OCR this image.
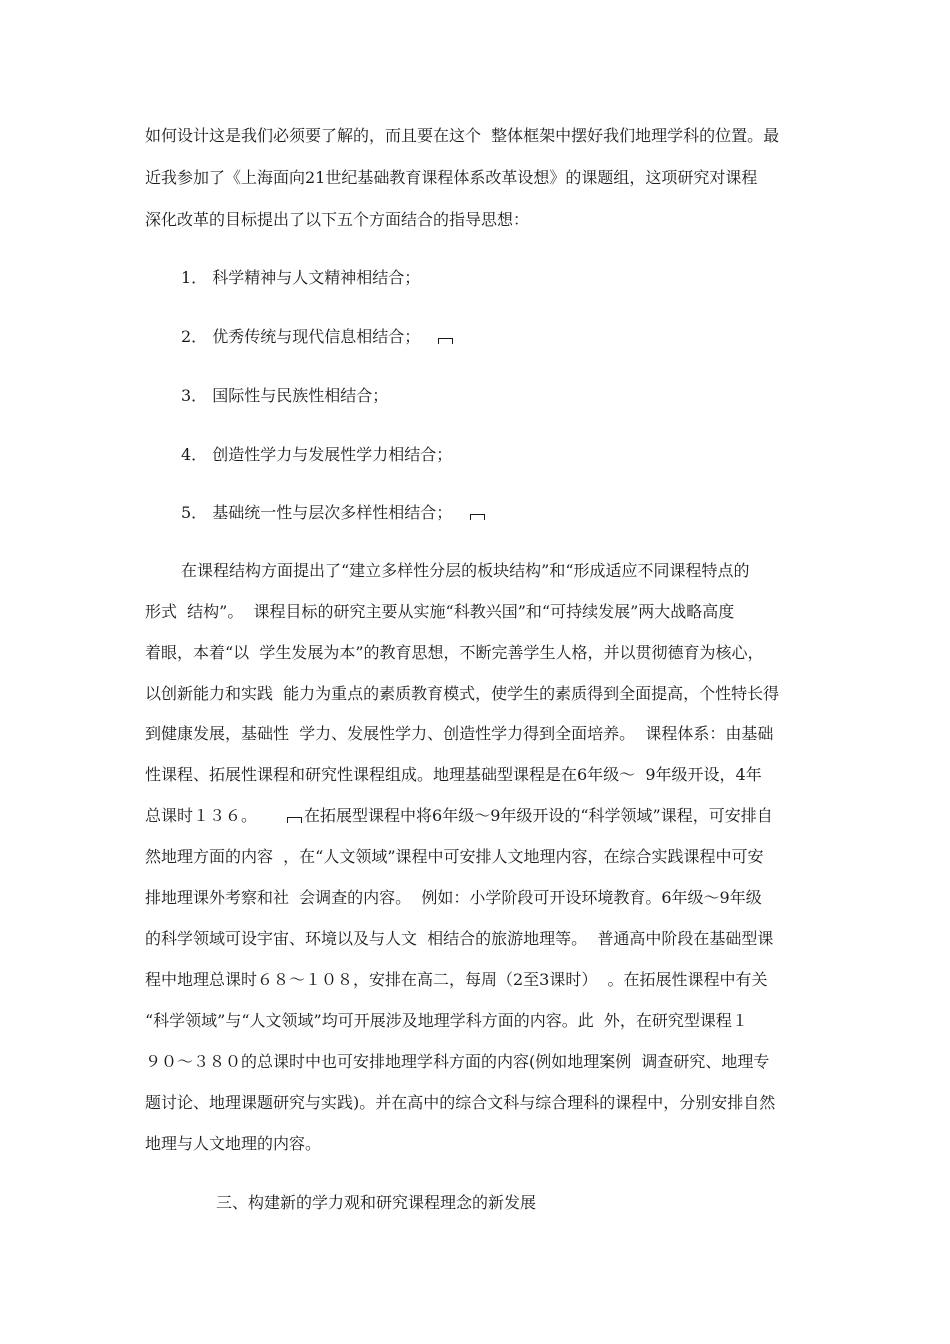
如何设计这是我们必须要了解的，而且要在这个  整体框架中摆好我们地理学科的位置。最
近我参加了《上海面向21世纪基础教育课程体系改革设想》的课题组，这项研究对课程
深化改革的目标提出了以下五个方面结合的指导思想：
1． 科学精神与人文精神相结合；
2． 优秀传统与现代信息相结合；
3． 国际性与民族性相结合；
4． 创造性学力与发展性学力相结合；
5． 基础统一性与层次多样性相结合；
在课程结构方面提出了“建立多样性分层的板块结构”和“形成适应不同课程特点的
形式  结构”。  课程目标的研究主要从实施“科教兴国”和“可持续发展”两大战略高度
着眼，本着“以  学生发展为本”的教育思想，不断完善学生人格，并以贯彻德育为核心，
以创新能力和实践  能力为重点的素质教育模式，使学生的素质得到全面提高，个性特长得
到健康发展，基础性  学力、发展性学力、创造性学力得到全面培养。  课程体系：由基础
性课程、拓展性课程和研究性课程组成。地理基础型课程是在6年级～  9年级开设，4年
总课时１３６。	在拓展型课程中将6年级～9年级开设的“科学领域”课程，可安排自
然地理方面的内容  ，在“人文领域”课程中可安排人文地理内容，在综合实践课程中可安
排地理课外考察和社  会调查的内容。  例如：小学阶段可开设环境教育。6年级～9年级
的科学领域可设宇宙、环境以及与人文  相结合的旅游地理等。  普通高中阶段在基础型课
程中地理总课时６８～１０８，安排在高二，每周（2至3课时）  。在拓展性课程中有关
“科学领域”与“人文领域”均可开展涉及地理学科方面的内容。此  外，在研究型课程１
９０～３８０的总课时中也可安排地理学科方面的内容(例如地理案例  调查研究、地理专
题讨论、地理课题研究与实践)。并在高中的综合文科与综合理科的课程中，分别安排自然
地理与人文地理的内容。
三、构建新的学力观和研究课程理念的新发展
